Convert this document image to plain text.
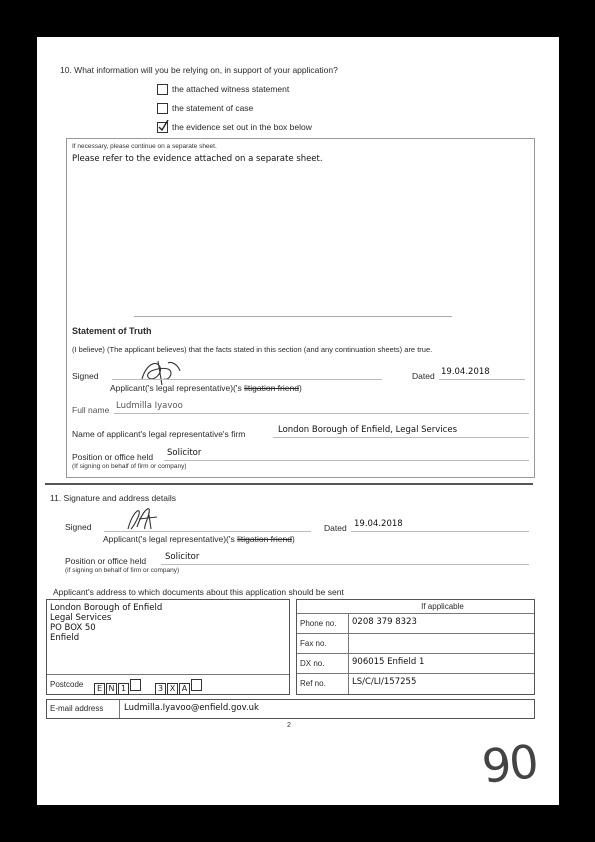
10. What information will you be relying on, in support of your application?
the attached witness statement
the statement of case
the evidence set out in the box below
If necessary, please continue on a separate sheet.
Please refer to the evidence attached on a separate sheet.
Statement of Truth
(I believe) (The applicant believes) that the facts stated in this section (and any continuation sheets) are true.
Signed
Applicant('s legal representative)('s litigation friend)
Dated 19.04.2018
Full name Ludmilla Iyavoo
Name of applicant's legal representative's firm	London Borough of Enfield, Legal Services
Position or office held Solicitor
(If signing on behalf of firm or company)
11. Signature and address details
Signed
Applicant('s legal representative)('s litigation friend)
Dated 19.04.2018
Position or office held Solicitor
(if signing on behalf of firm or company)
Applicant's address to which documents about this application should be sent
London Borough of Enfield
Legal Services
PO BOX 50
Enfield
Postcode	E N 1	3 X A
If applicable
Phone no. 0208 379 8323
Fax no.
DX no.	906015 Enfield 1
Ref no.	LS/C/LI/157255
E-mail address Ludmilla.Iyavoo@enfield.gov.uk
2
90
